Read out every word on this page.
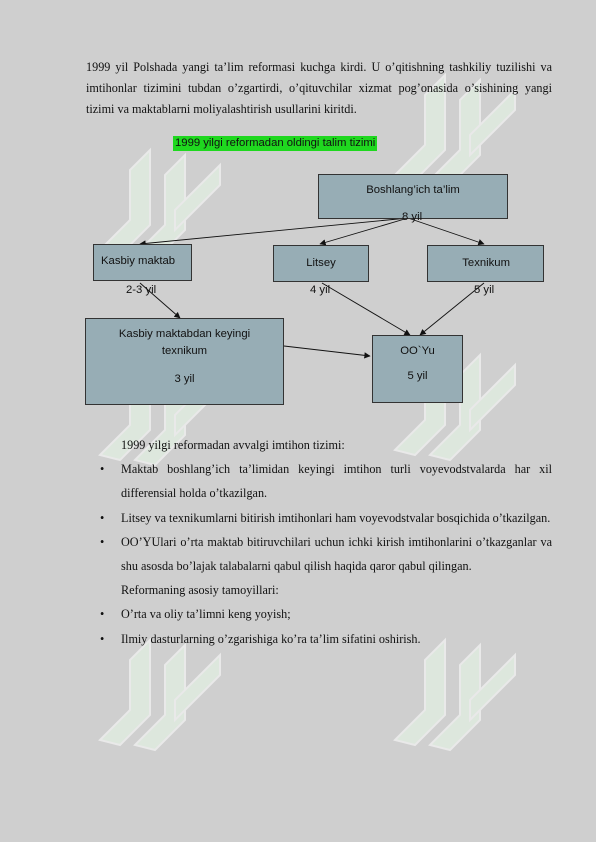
1999 yil Polshada yangi ta’lim reformasi kuchga kirdi. U o’qitishning tashkiliy tuzilishi va imtihonlar tizimini tubdan o’zgartirdi, o’qituvchilar xizmat pog’onasida o’sishining yangi tizimi va maktablarni moliyalashtirish usullarini kiritdi.
1999 yilgi reformadan oldingi talim tizimi
Boshlang’ich ta’lim
8 yil
Kasbiy maktab
2-3 yil
Litsey
4 yil
Texnikum
5 yil
Kasbiy maktabdan keyingi texnikum
3 yil
OO`Yu
5 yil
1999 yilgi reformadan avvalgi imtihon tizimi:
• Maktab boshlang’ich ta’limidan keyingi imtihon turli voyevodstvalarda har xil differensial holda o’tkazilgan.
• Litsey va texnikumlarni bitirish imtihonlari ham voyevodstvalar bosqichida o’tkazilgan.
• OO’YUlari o’rta maktab bitiruvchilari uchun ichki kirish imtihonlarini o’tkazganlar va shu asosda bo’lajak talabalarni qabul qilish haqida qaror qabul qilingan.
Reformaning asosiy tamoyillari:
• O’rta va oliy ta’limni keng yoyish;
• Ilmiy dasturlarning o’zgarishiga ko’ra ta’lim sifatini oshirish.
